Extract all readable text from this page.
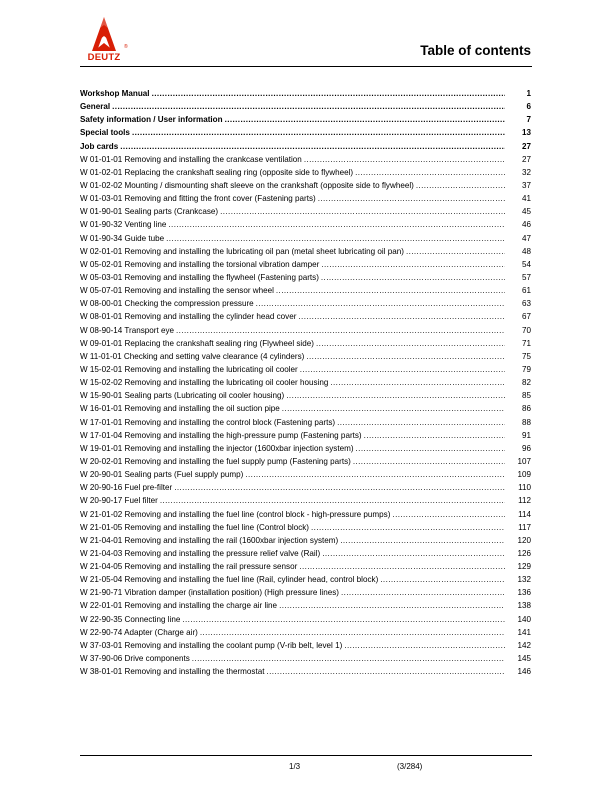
®
DEUTZ	Table of contents
Workshop Manual .....	1
General .....	6
Safety information / User information .....	7
Special tools .....	13
Job cards .....	27
W 01-01-01 Removing and installing the crankcase ventilation .....	27
W 01-02-01 Replacing the crankshaft sealing ring (opposite side to flywheel) .....	32
W 01-02-02 Mounting / dismounting shaft sleeve on the crankshaft (opposite side to flywheel) .....	37
W 01-03-01 Removing and fitting the front cover (Fastening parts) .....	41
W 01-90-01 Sealing parts (Crankcase) .....	45
W 01-90-32 Venting line .....	46
W 01-90-34 Guide tube .....	47
W 02-01-01 Removing and installing the lubricating oil pan (metal sheet lubricating oil pan) .....	48
W 05-02-01 Removing and installing the torsional vibration damper .....	54
W 05-03-01 Removing and installing the flywheel (Fastening parts) .....	57
W 05-07-01 Removing and installing the sensor wheel .....	61
W 08-00-01 Checking the compression pressure .....	63
W 08-01-01 Removing and installing the cylinder head cover .....	67
W 08-90-14 Transport eye .....	70
W 09-01-01 Replacing the crankshaft sealing ring (Flywheel side) .....	71
W 11-01-01 Checking and setting valve clearance (4 cylinders) .....	75
W 15-02-01 Removing and installing the lubricating oil cooler .....	79
W 15-02-02 Removing and installing the lubricating oil cooler housing .....	82
W 15-90-01 Sealing parts (Lubricating oil cooler housing) .....	85
W 16-01-01 Removing and installing the oil suction pipe .....	86
W 17-01-01 Removing and installing the control block (Fastening parts) .....	88
W 17-01-04 Removing and installing the high-pressure pump (Fastening parts) .....	91
W 19-01-01 Removing and installing the injector (1600xbar injection system) .....	96
W 20-02-01 Removing and installing the fuel supply pump (Fastening parts) .....	107
W 20-90-01 Sealing parts (Fuel supply pump) .....	109
W 20-90-16 Fuel pre-filter .....	110
W 20-90-17 Fuel filter .....	112
W 21-01-02 Removing and installing the fuel line (control block - high-pressure pumps) .....	114
W 21-01-05 Removing and installing the fuel line (Control block) .....	117
W 21-04-01 Removing and installing the rail (1600xbar injection system) .....	120
W 21-04-03 Removing and installing the pressure relief valve (Rail) .....	126
W 21-04-05 Removing and installing the rail pressure sensor .....	129
W 21-05-04 Removing and installing the fuel line (Rail, cylinder head, control block) .....	132
W 21-90-71 Vibration damper (installation position) (High pressure lines) .....	136
W 22-01-01 Removing and installing the charge air line .....	138
W 22-90-35 Connecting line .....	140
W 22-90-74 Adapter (Charge air) .....	141
W 37-03-01 Removing and installing the coolant pump (V-rib belt, level 1) .....	142
W 37-90-06 Drive components .....	145
W 38-01-01 Removing and installing the thermostat .....	146
1/3	(3/284)
